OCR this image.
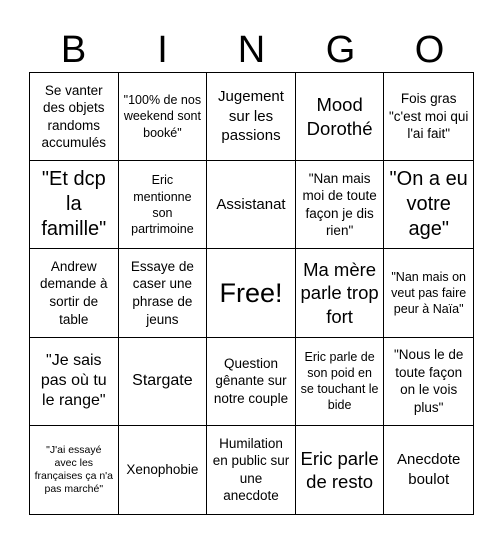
B	I	N	G	O
Se vanter des objets randoms accumulés
"100% de nos weekend sont booké"
Jugement sur les passions
Mood Dorothé
Fois gras "c'est moi qui l'ai fait"
"Et dcp la famille"
Eric mentionne son partrimoine
Assistanat
"Nan mais moi de toute façon je dis rien"
"On a eu votre age"
Andrew demande à sortir de table
Essaye de caser une phrase de jeuns
Free!
Ma mère parle trop fort
"Nan mais on veut pas faire peur à Naïa"
"Je sais pas où tu le range"
Stargate
Question gênante sur notre couple
Eric parle de son poid en se touchant le bide
"Nous le de toute façon on le vois plus"
"J'ai essayé avec les françaises ça n'a pas marché"
Xenophobie
Humilation en public sur une anecdote
Eric parle de resto
Anecdote boulot
